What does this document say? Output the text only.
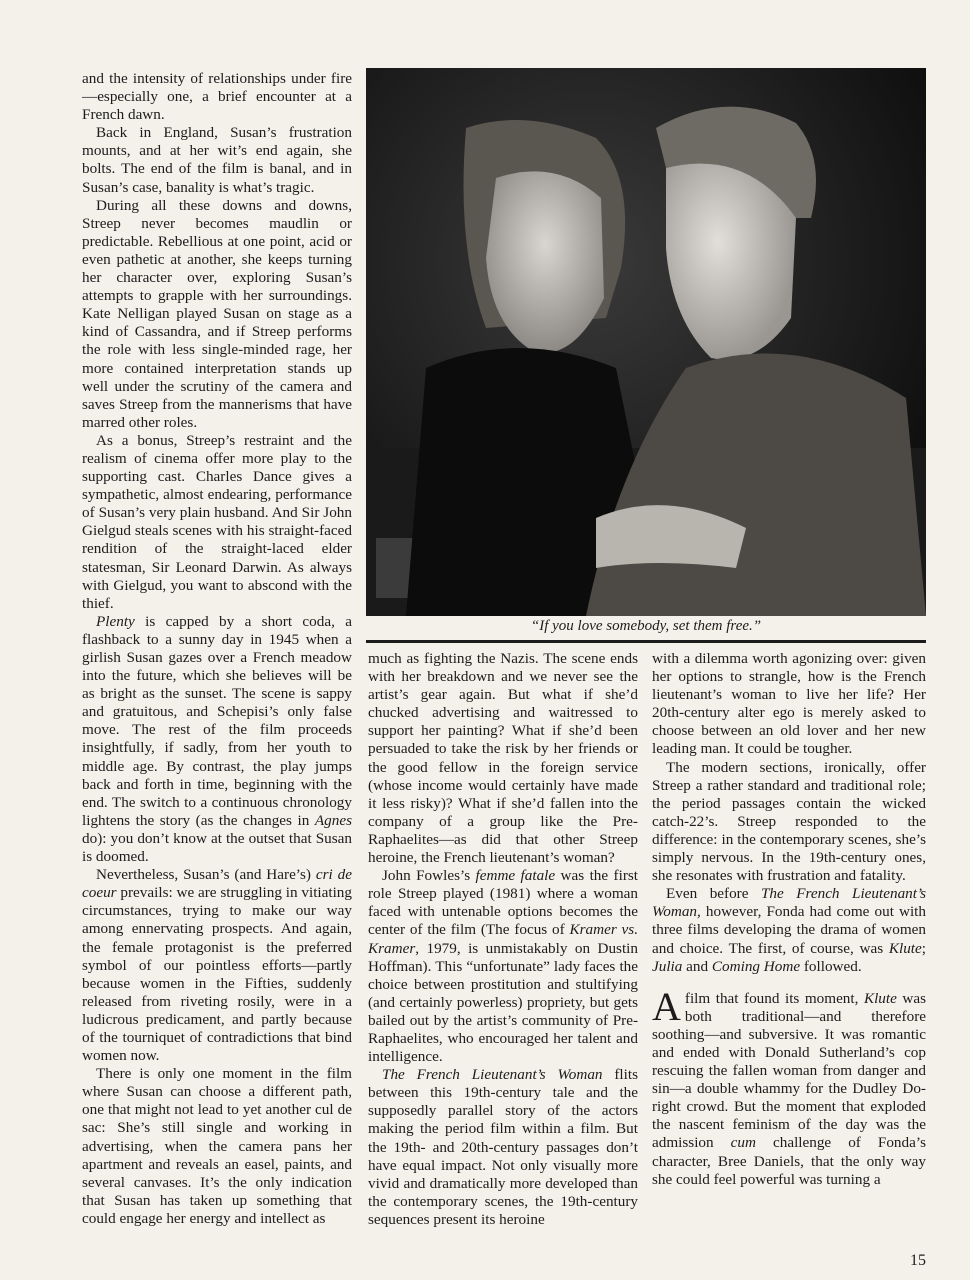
and the intensity of relationships under fire—especially one, a brief encounter at a French dawn.

Back in England, Susan’s frustration mounts, and at her wit’s end again, she bolts. The end of the film is banal, and in Susan’s case, banality is what’s tragic.

During all these downs and downs, Streep never becomes maudlin or predictable. Rebellious at one point, acid or even pathetic at another, she keeps turning her character over, exploring Susan’s attempts to grapple with her surroundings. Kate Nelligan played Susan on stage as a kind of Cassandra, and if Streep performs the role with less single-minded rage, her more contained interpretation stands up well under the scrutiny of the camera and saves Streep from the mannerisms that have marred other roles.

As a bonus, Streep’s restraint and the realism of cinema offer more play to the supporting cast. Charles Dance gives a sympathetic, almost endearing, performance of Susan’s very plain husband. And Sir John Gielgud steals scenes with his straight-faced rendition of the straight-laced elder statesman, Sir Leonard Darwin. As always with Gielgud, you want to abscond with the thief.

Plenty is capped by a short coda, a flashback to a sunny day in 1945 when a girlish Susan gazes over a French meadow into the future, which she believes will be as bright as the sunset. The scene is sappy and gratuitous, and Schepisi’s only false move. The rest of the film proceeds insightfully, if sadly, from her youth to middle age. By contrast, the play jumps back and forth in time, beginning with the end. The switch to a continuous chronology lightens the story (as the changes in Agnes do): you don’t know at the outset that Susan is doomed.

Nevertheless, Susan’s (and Hare’s) cri de coeur prevails: we are struggling in vitiating circumstances, trying to make our way among ennervating prospects. And again, the female protagonist is the preferred symbol of our pointless efforts—partly because women in the Fifties, suddenly released from riveting rosily, were in a ludicrous predicament, and partly because of the tourniquet of contradictions that bind women now.

There is only one moment in the film where Susan can choose a different path, one that might not lead to yet another cul de sac: She’s still single and working in advertising, when the camera pans her apartment and reveals an easel, paints, and several canvases. It’s the only indication that Susan has taken up something that could engage her energy and intellect as

“If you love somebody, set them free.”

much as fighting the Nazis. The scene ends with her breakdown and we never see the artist’s gear again. But what if she’d chucked advertising and waitressed to support her painting? What if she’d been persuaded to take the risk by her friends or the good fellow in the foreign service (whose income would certainly have made it less risky)? What if she’d fallen into the company of a group like the Pre-Raphaelites—as did that other Streep heroine, the French lieutenant’s woman?

John Fowles’s femme fatale was the first role Streep played (1981) where a woman faced with untenable options becomes the center of the film (The focus of Kramer vs. Kramer, 1979, is unmistakably on Dustin Hoffman). This “unfortunate” lady faces the choice between prostitution and stultifying (and certainly powerless) propriety, but gets bailed out by the artist’s community of Pre-Raphaelites, who encouraged her talent and intelligence.

The French Lieutenant’s Woman flits between this 19th-century tale and the supposedly parallel story of the actors making the period film within a film. But the 19th- and 20th-century passages don’t have equal impact. Not only visually more vivid and dramatically more developed than the contemporary scenes, the 19th-century sequences present its heroine

with a dilemma worth agonizing over: given her options to strangle, how is the French lieutenant’s woman to live her life? Her 20th-century alter ego is merely asked to choose between an old lover and her new leading man. It could be tougher.

The modern sections, ironically, offer Streep a rather standard and traditional role; the period passages contain the wicked catch-22’s. Streep responded to the difference: in the contemporary scenes, she’s simply nervous. In the 19th-century ones, she resonates with frustration and fatality.

Even before The French Lieutenant’s Woman, however, Fonda had come out with three films developing the drama of women and choice. The first, of course, was Klute; Julia and Coming Home followed.

A film that found its moment, Klute was both traditional—and therefore soothing—and subversive. It was romantic and ended with Donald Sutherland’s cop rescuing the fallen woman from danger and sin—a double whammy for the Dudley Do-right crowd. But the moment that exploded the nascent feminism of the day was the admission cum challenge of Fonda’s character, Bree Daniels, that the only way she could feel powerful was turning a

15
